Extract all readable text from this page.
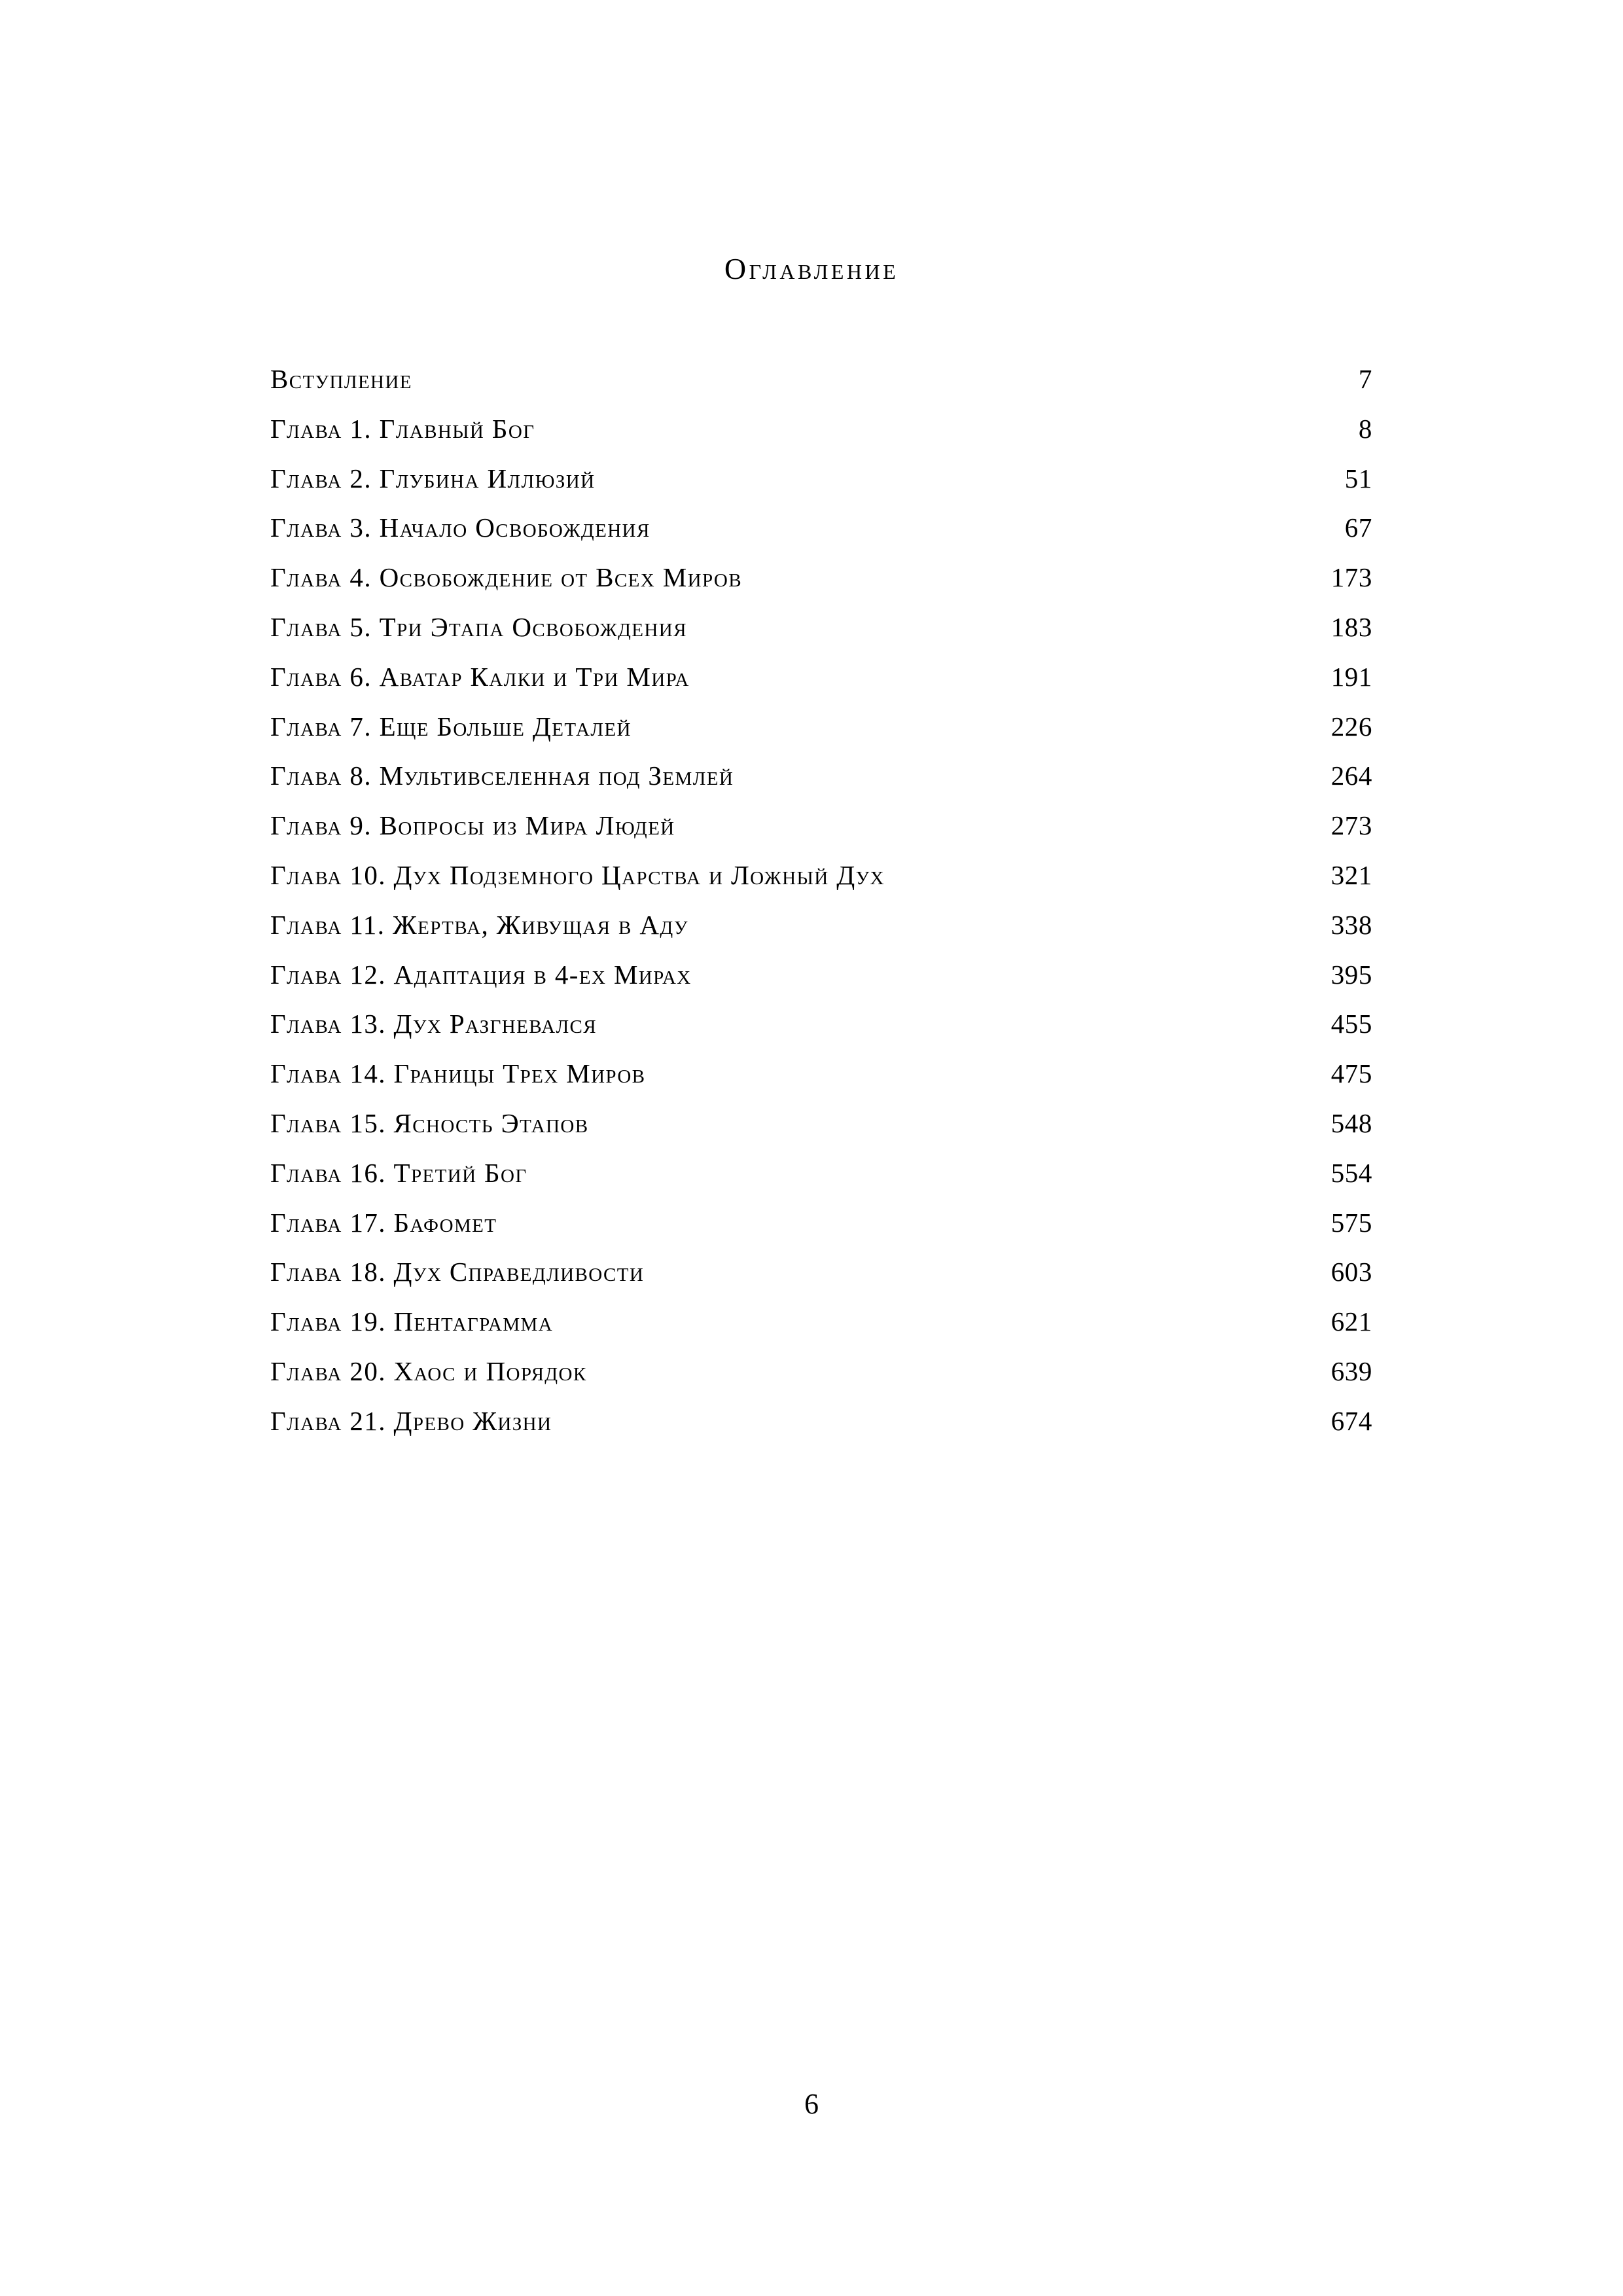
Оглавление
Вступление	7
Глава 1. Главный Бог	8
Глава 2. Глубина Иллюзий	51
Глава 3. Начало Освобождения	67
Глава 4. Освобождение от Всех Миров	173
Глава 5. Три Этапа Освобождения	183
Глава 6. Аватар Калки и Три Мира	191
Глава 7. Еще Больше Деталей	226
Глава 8. Мультивселенная под Землей	264
Глава 9. Вопросы из Мира Людей	273
Глава 10. Дух Подземного Царства и Ложный Дух	321
Глава 11. Жертва, Живущая в Аду	338
Глава 12. Адаптация в 4-ех Мирах	395
Глава 13. Дух Разгневался	455
Глава 14. Границы Трех Миров	475
Глава 15. Ясность Этапов	548
Глава 16. Третий Бог	554
Глава 17. Бафомет	575
Глава 18. Дух Справедливости	603
Глава 19. Пентаграмма	621
Глава 20. Хаос и Порядок	639
Глава 21. Древо Жизни	674
6
